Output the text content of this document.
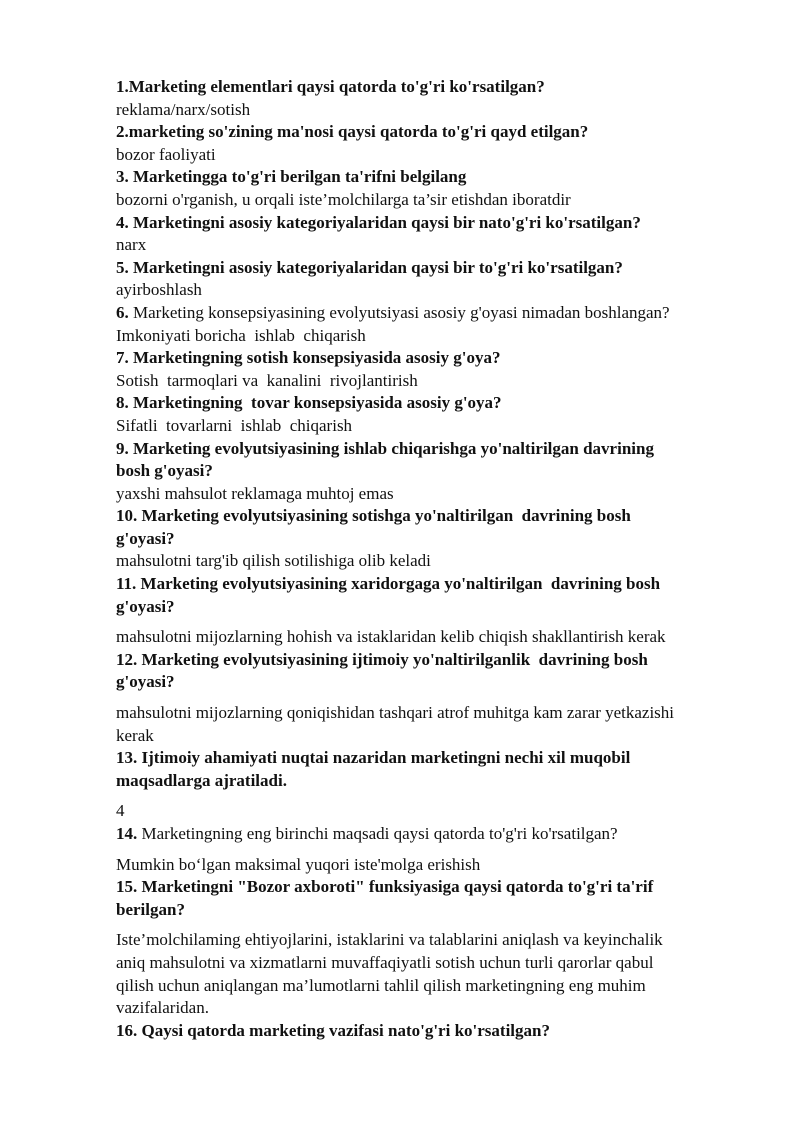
1.Marketing elementlari qaysi qatorda to'g'ri ko'rsatilgan?

reklama/narx/sotish

2.marketing so'zining ma'nosi qaysi qatorda to'g'ri qayd etilgan?

bozor faoliyati

3. Marketingga to'g'ri berilgan ta'rifni belgilang

bozorni o'rganish, u orqali iste’molchilarga ta’sir etishdan iboratdir

4. Marketingni asosiy kategoriyalaridan qaysi bir nato'g'ri ko'rsatilgan?

narx

5. Marketingni asosiy kategoriyalaridan qaysi bir to'g'ri ko'rsatilgan?

ayirboshlash

6. Marketing konsepsiyasining evolyutsiyasi asosiy g'oyasi nimadan boshlangan?

Imkoniyati boricha  ishlab  chiqarish

7. Marketingning sotish konsepsiyasida asosiy g'oya?

Sotish  tarmoqlari va  kanalini  rivojlantirish

8. Marketingning  tovar konsepsiyasida asosiy g'oya?

Sifatli  tovarlarni  ishlab  chiqarish

9. Marketing evolyutsiyasining ishlab chiqarishga yo'naltirilgan davrining

bosh g'oyasi?

yaxshi mahsulot reklamaga muhtoj emas

10. Marketing evolyutsiyasining sotishga yo'naltirilgan  davrining bosh

g'oyasi?

mahsulotni targ'ib qilish sotilishiga olib keladi

11. Marketing evolyutsiyasining xaridorgaga yo'naltirilgan  davrining bosh

g'oyasi?

mahsulotni mijozlarning hohish va istaklaridan kelib chiqish shakllantirish kerak

12. Marketing evolyutsiyasining ijtimoiy yo'naltirilganlik  davrining bosh

g'oyasi?

mahsulotni mijozlarning qoniqishidan tashqari atrof muhitga kam zarar yetkazishi

kerak

13. Ijtimoiy ahamiyati nuqtai nazaridan marketingni nechi xil muqobil

maqsadlarga ajratiladi.

4

14. Marketingning eng birinchi maqsadi qaysi qatorda to'g'ri ko'rsatilgan?

Mumkin bo‘lgan maksimal yuqori iste'molga erishish

15. Marketingni "Bozor axboroti" funksiyasiga qaysi qatorda to'g'ri ta'rif

berilgan?

Iste’molchilaming ehtiyojlarini, istaklarini va talablarini aniqlash va keyinchalik

aniq mahsulotni va xizmatlarni muvaffaqiyatli sotish uchun turli qarorlar qabul

qilish uchun aniqlangan ma’lumotlarni tahlil qilish marketingning eng muhim

vazifalaridan.

16. Qaysi qatorda marketing vazifasi nato'g'ri ko'rsatilgan?
